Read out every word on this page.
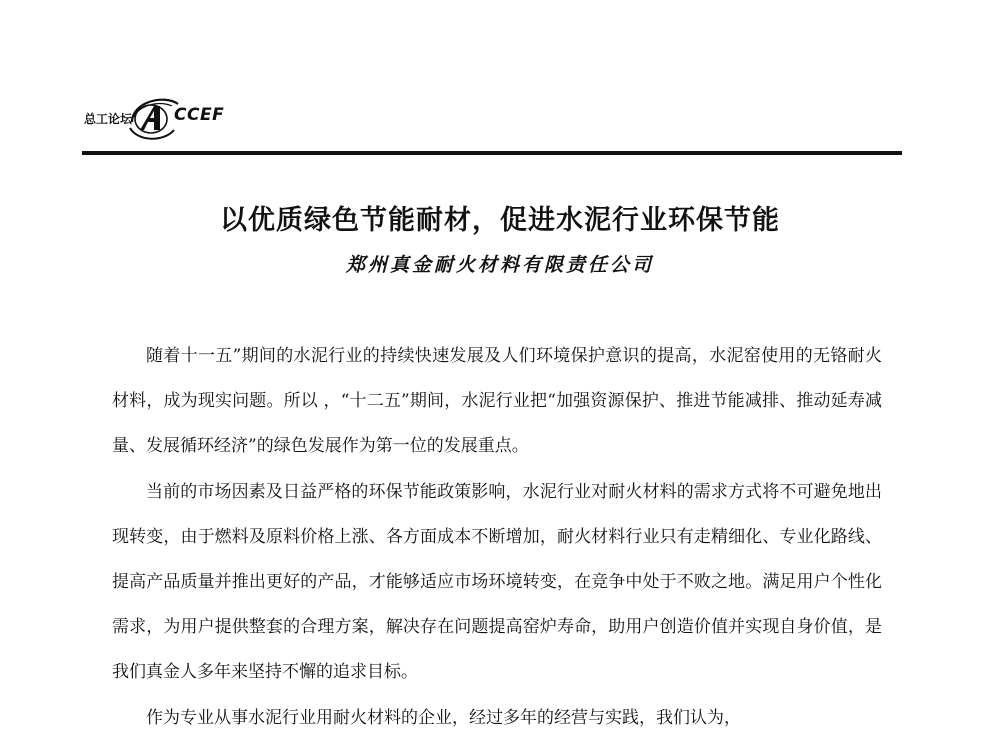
总工论坛 CCEF
以优质绿色节能耐材，促进水泥行业环保节能
郑州真金耐火材料有限责任公司

随着十一五”期间的水泥行业的持续快速发展及人们环境保护意识的提高，水泥窑使用的无铬耐火材料，成为现实问题。所以 ，“十二五”期间，水泥行业把“加强资源保护、推进节能减排、推动延寿减量、发展循环经济”的绿色发展作为第一位的发展重点。

当前的市场因素及日益严格的环保节能政策影响，水泥行业对耐火材料的需求方式将不可避免地出现转变，由于燃料及原料价格上涨、各方面成本不断增加，耐火材料行业只有走精细化、专业化路线、提高产品质量并推出更好的产品，才能够适应市场环境转变，在竞争中处于不败之地。满足用户个性化需求，为用户提供整套的合理方案，解决存在问题提高窑炉寿命，助用户创造价值并实现自身价值，是我们真金人多年来坚持不懈的追求目标。

作为专业从事水泥行业用耐火材料的企业，经过多年的经营与实践，我们认为，
